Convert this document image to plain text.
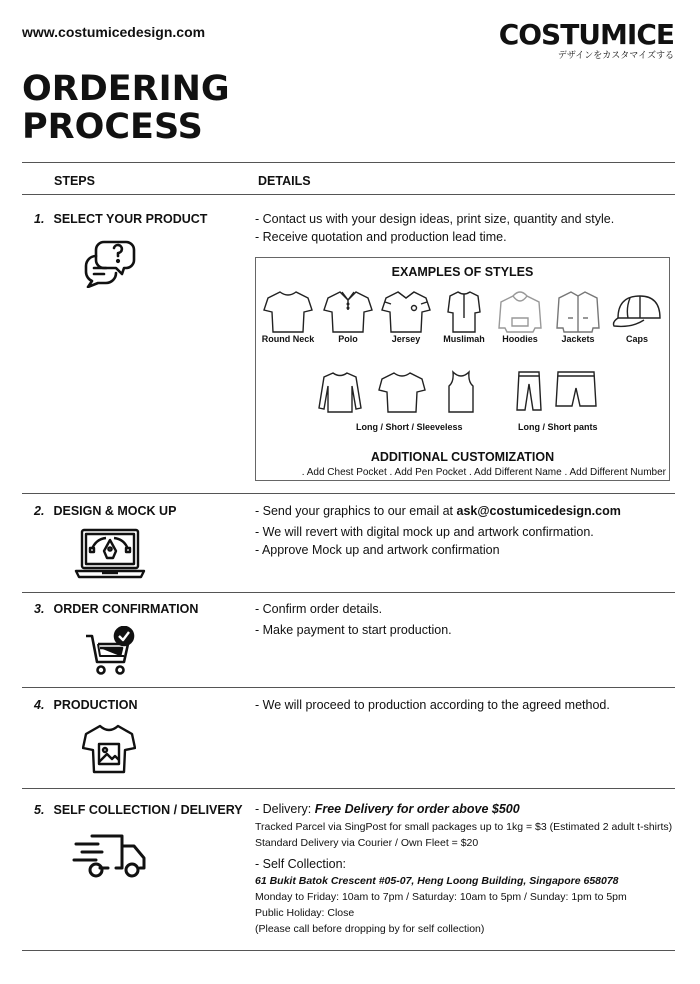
www.costumicedesign.com	COSTUMICE
デザインをカスタマイズする
ORDERING
PROCESS
STEPS	DETAILS
1. SELECT YOUR PRODUCT	- Contact us with your design ideas, print size, quantity and style.
- Receive quotation and production lead time.
EXAMPLES OF STYLES
Round Neck	Polo	Jersey	Muslimah	Hoodies	Jackets	Caps
Long / Short / Sleeveless	Long / Short pants
ADDITIONAL CUSTOMIZATION
. Add Chest Pocket . Add Pen Pocket . Add Different Name . Add Different Number
2. DESIGN & MOCK UP	- Send your graphics to our email at ask@costumicedesign.com
- We will revert with digital mock up and artwork confirmation.
- Approve Mock up and artwork confirmation
3. ORDER CONFIRMATION	- Confirm order details.
- Make payment to start production.
4. PRODUCTION	- We will proceed to production according to the agreed method.
5. SELF COLLECTION / DELIVERY - Delivery: Free Delivery for order above $500
Tracked Parcel via SingPost for small packages up to 1kg = $3 (Estimated 2 adult t-shirts)
Standard Delivery via Courier / Own Fleet = $20
- Self Collection:
61 Bukit Batok Crescent #05-07, Heng Loong Building, Singapore 658078
Monday to Friday: 10am to 7pm / Saturday: 10am to 5pm / Sunday: 1pm to 5pm
Public Holiday: Close
(Please call before dropping by for self collection)
